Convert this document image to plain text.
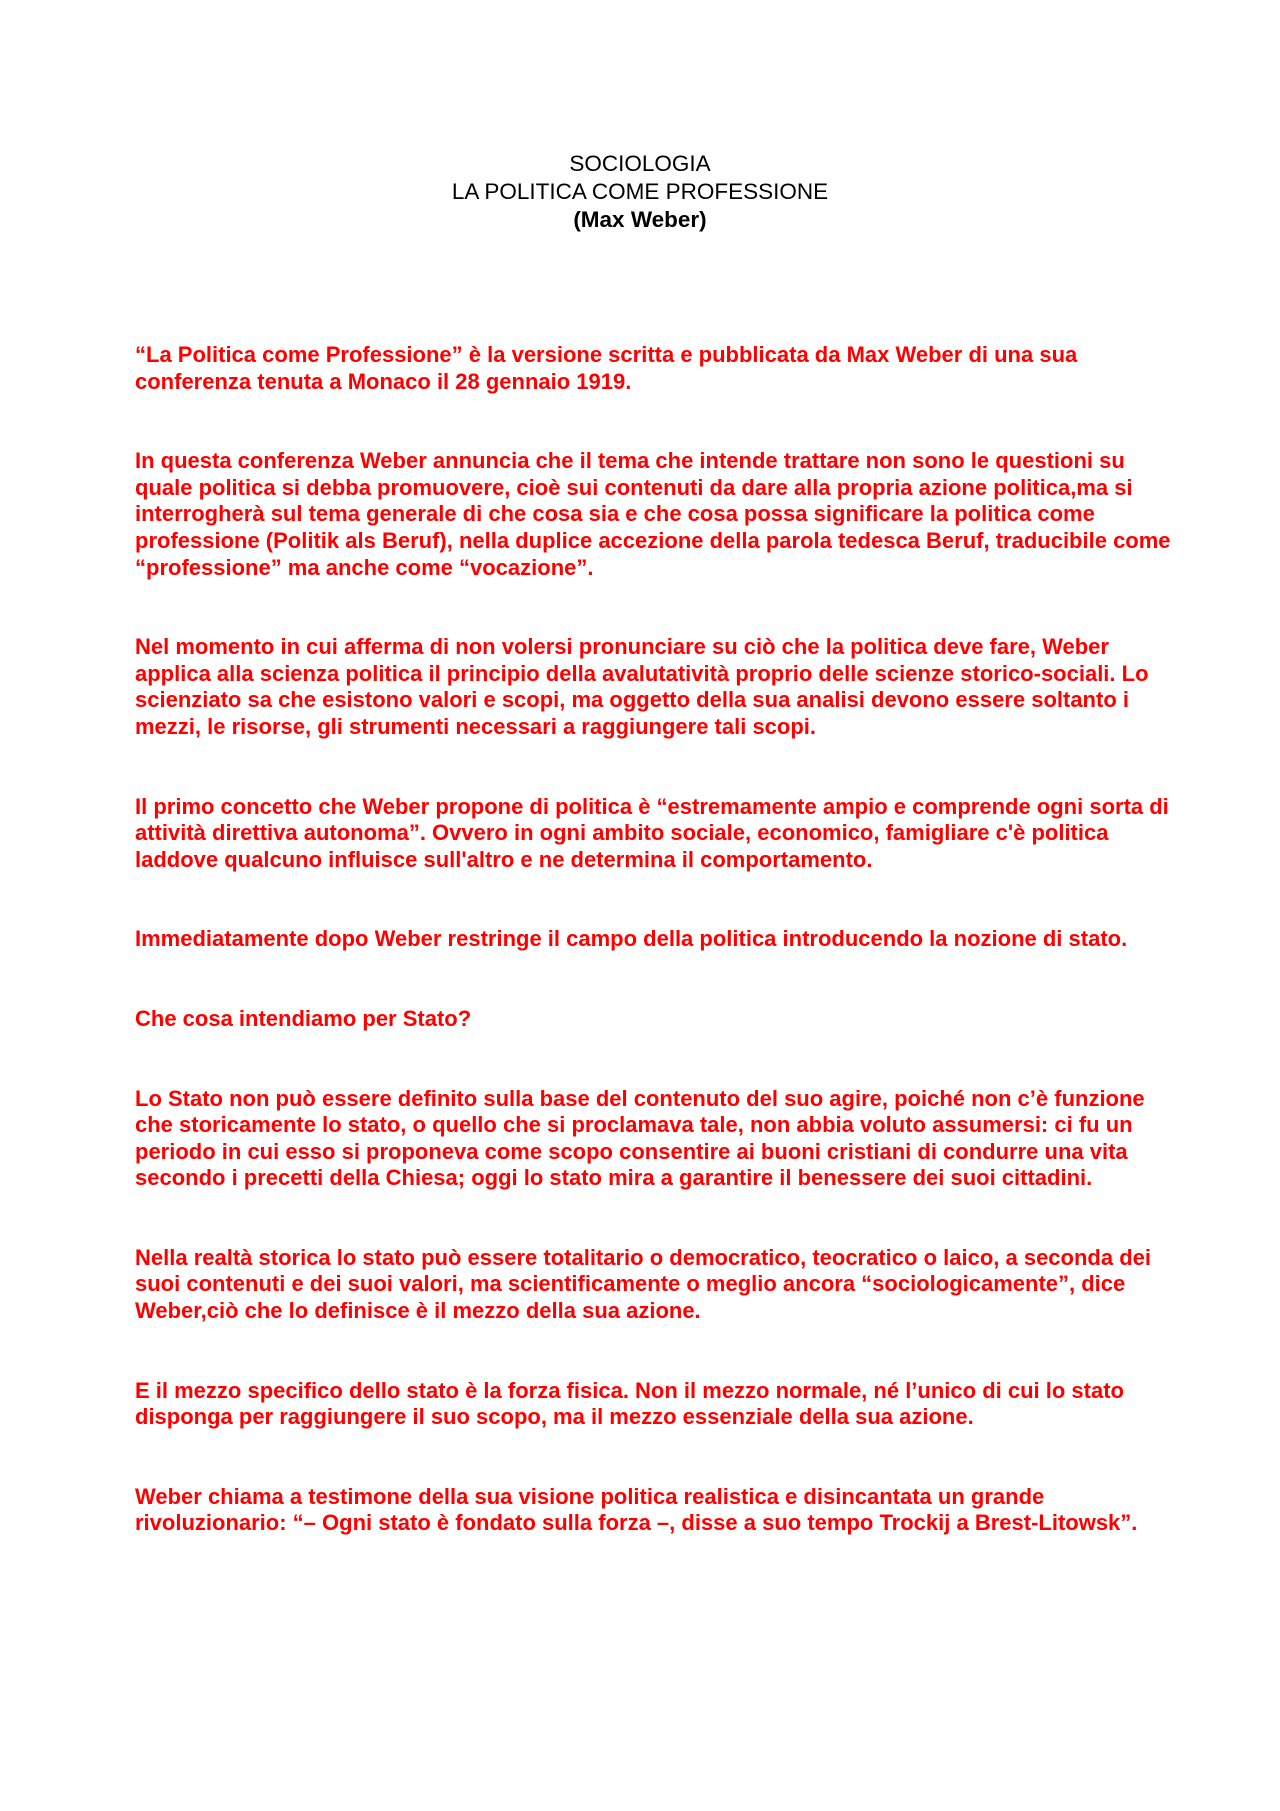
SOCIOLOGIA
LA POLITICA COME PROFESSIONE
(Max Weber)

“La Politica come Professione” è la versione scritta e pubblicata da Max Weber di una sua conferenza tenuta a Monaco il 28 gennaio 1919.

In questa conferenza Weber annuncia che il tema che intende trattare non sono le questioni su quale politica si debba promuovere, cioè sui contenuti da dare alla propria azione politica,ma si interrogherà sul tema generale di che cosa sia e che cosa possa significare la politica come professione (Politik als Beruf), nella duplice accezione della parola tedesca Beruf, traducibile come “professione” ma anche come “vocazione”.

Nel momento in cui afferma di non volersi pronunciare su ciò che la politica deve fare, Weber applica alla scienza politica il principio della avalutatività proprio delle scienze storico-sociali. Lo scienziato sa che esistono valori e scopi, ma oggetto della sua analisi devono essere soltanto i mezzi, le risorse, gli strumenti necessari a raggiungere tali scopi.

Il primo concetto che Weber propone di politica è “estremamente ampio e comprende ogni sorta di attività direttiva autonoma”. Ovvero in ogni ambito sociale, economico, famigliare c'è politica laddove qualcuno influisce sull'altro e ne determina il comportamento.

Immediatamente dopo Weber restringe il campo della politica introducendo la nozione di stato.

Che cosa intendiamo per Stato?

Lo Stato non può essere definito sulla base del contenuto del suo agire, poiché non c’è funzione che storicamente lo stato, o quello che si proclamava tale, non abbia voluto assumersi: ci fu un periodo in cui esso si proponeva come scopo consentire ai buoni cristiani di condurre una vita secondo i precetti della Chiesa; oggi lo stato mira a garantire il benessere dei suoi cittadini.

Nella realtà storica lo stato può essere totalitario o democratico, teocratico o laico, a seconda dei suoi contenuti e dei suoi valori, ma scientificamente o meglio ancora “sociologicamente”, dice Weber,ciò che lo definisce è il mezzo della sua azione.

E il mezzo specifico dello stato è la forza fisica. Non il mezzo normale, né l’unico di cui lo stato disponga per raggiungere il suo scopo, ma il mezzo essenziale della sua azione.

Weber chiama a testimone della sua visione politica realistica e disincantata un grande rivoluzionario: “– Ogni stato è fondato sulla forza –, disse a suo tempo Trockij a Brest-Litowsk”.
